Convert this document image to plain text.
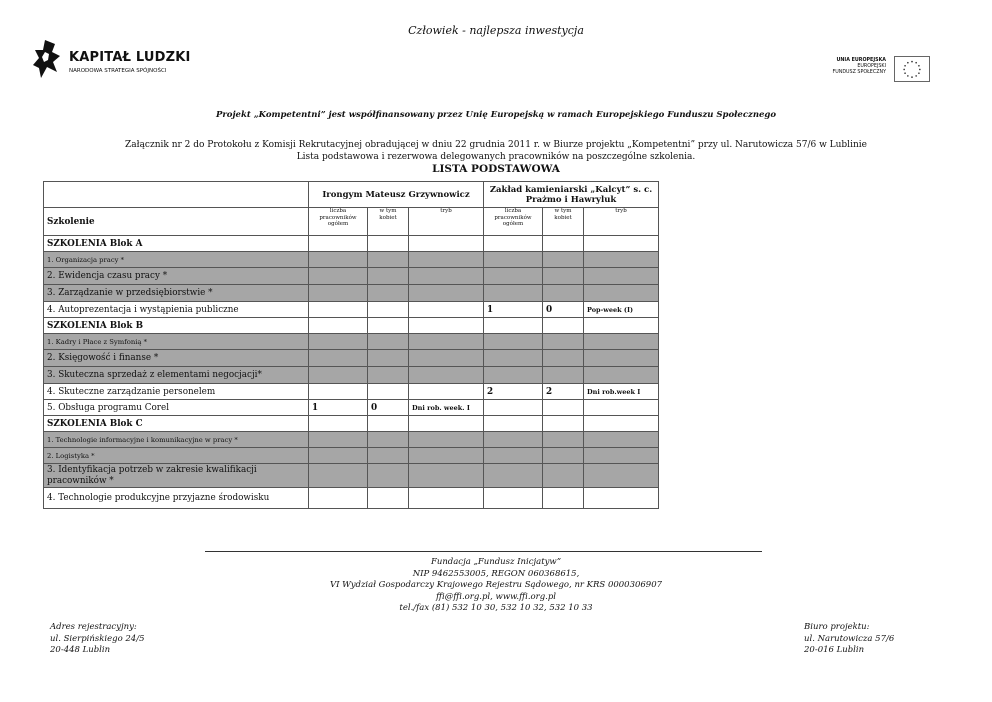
Człowiek - najlepsza inwestycja
KAPITAŁ LUDZKI
NARODOWA STRATEGIA SPÓJNOŚCI
UNIA EUROPEJSKA
EUROPEJSKI
FUNDUSZ SPOŁECZNY
Projekt „Kompetentni” jest współfinansowany przez Unię Europejską w ramach Europejskiego Funduszu Społecznego
Załącznik nr 2 do Protokołu z Komisji Rekrutacyjnej obradującej w dniu 22 grudnia 2011 r. w Biurze projektu „Kompetentni” przy ul. Narutowicza 57/6 w Lublinie
Lista podstawowa i rezerwowa delegowanych pracowników na poszczególne szkolenia.
LISTA PODSTAWOWA
	Irongym Mateusz Grzywnowicz			Zakład kamieniarski „Kalcyt” s. c. Prażmo i Hawryluk		
Szkolenie	liczba pracowników ogółem	w tym kobiet	tryb	liczba pracowników ogółem	w tym kobiet	tryb
SZKOLENIA Blok A						
1. Organizacja pracy *						
2. Ewidencja czasu pracy *						
3. Zarządzanie w przedsiębiorstwie *						
4. Autoprezentacja i wystąpienia publiczne				1	0	Pop-week (I)
SZKOLENIA Blok B						
1. Kadry i Płace z Symfonią *						
2. Księgowość i finanse *						
3. Skuteczna sprzedaż z elementami negocjacji*						
4. Skuteczne zarządzanie personelem				2	2	Dni rob.week I
5. Obsługa programu Corel	1	0	Dni rob. week. I			
SZKOLENIA Blok C						
1. Technologie informacyjne i komunikacyjne w pracy *						
2. Logistyka *						
3. Identyfikacja potrzeb w zakresie kwalifikacji pracowników *						
4. Technologie produkcyjne przyjazne środowisku						
Fundacja „Fundusz Inicjatyw”
NIP 9462553005, REGON 060368615,
VI Wydział Gospodarczy Krajowego Rejestru Sądowego, nr KRS 0000306907
ffi@ffi.org.pl, www.ffi.org.pl
tel./fax (81) 532 10 30, 532 10 32, 532 10 33
Adres rejestracyjny:
ul. Sierpińskiego 24/5
20-448 Lublin
Biuro projektu:
ul. Narutowicza 57/6
20-016 Lublin
